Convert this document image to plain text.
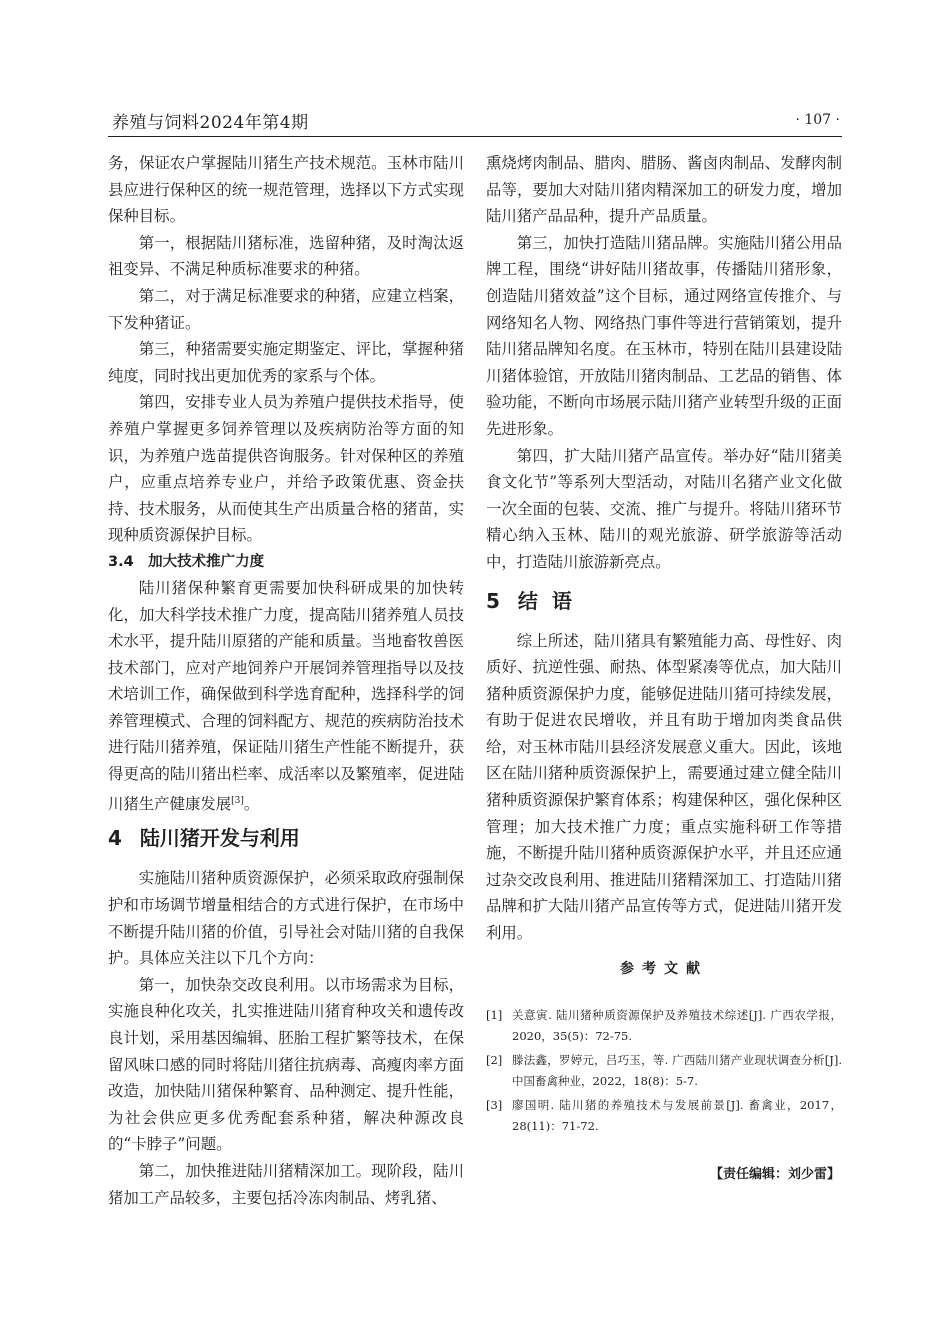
养殖与饲料2024年第4期	· 107 ·

务，保证农户掌握陆川猪生产技术规范。玉林市陆川县应进行保种区的统一规范管理，选择以下方式实现保种目标。

第一，根据陆川猪标准，选留种猪，及时淘汰返祖变异、不满足种质标准要求的种猪。

第二，对于满足标准要求的种猪，应建立档案，下发种猪证。

第三，种猪需要实施定期鉴定、评比，掌握种猪纯度，同时找出更加优秀的家系与个体。

第四，安排专业人员为养殖户提供技术指导，使养殖户掌握更多饲养管理以及疾病防治等方面的知识，为养殖户选苗提供咨询服务。针对保种区的养殖户，应重点培养专业户，并给予政策优惠、资金扶持、技术服务，从而使其生产出质量合格的猪苗，实现种质资源保护目标。

3.4　加大技术推广力度

陆川猪保种繁育更需要加快科研成果的加快转化，加大科学技术推广力度，提高陆川猪养殖人员技术水平，提升陆川原猪的产能和质量。当地畜牧兽医技术部门，应对产地饲养户开展饲养管理指导以及技术培训工作，确保做到科学选育配种，选择科学的饲养管理模式、合理的饲料配方、规范的疾病防治技术进行陆川猪养殖，保证陆川猪生产性能不断提升，获得更高的陆川猪出栏率、成活率以及繁殖率，促进陆川猪生产健康发展[3]。

4 陆川猪开发与利用

实施陆川猪种质资源保护，必须采取政府强制保护和市场调节增量相结合的方式进行保护，在市场中不断提升陆川猪的价值，引导社会对陆川猪的自我保护。具体应关注以下几个方向：

第一，加快杂交改良利用。以市场需求为目标，实施良种化攻关，扎实推进陆川猪育种攻关和遗传改良计划，采用基因编辑、胚胎工程扩繁等技术，在保留风味口感的同时将陆川猪往抗病毒、高瘦肉率方面改造，加快陆川猪保种繁育、品种测定、提升性能，为社会供应更多优秀配套系种猪，解决种源改良的“卡脖子”问题。

第二，加快推进陆川猪精深加工。现阶段，陆川猪加工产品较多，主要包括冷冻肉制品、烤乳猪、

熏烧烤肉制品、腊肉、腊肠、酱卤肉制品、发酵肉制品等，要加大对陆川猪肉精深加工的研发力度，增加陆川猪产品品种，提升产品质量。

第三，加快打造陆川猪品牌。实施陆川猪公用品牌工程，围绕“讲好陆川猪故事，传播陆川猪形象，创造陆川猪效益”这个目标，通过网络宣传推介、与网络知名人物、网络热门事件等进行营销策划，提升陆川猪品牌知名度。在玉林市，特别在陆川县建设陆川猪体验馆，开放陆川猪肉制品、工艺品的销售、体验功能，不断向市场展示陆川猪产业转型升级的正面先进形象。

第四，扩大陆川猪产品宣传。举办好“陆川猪美食文化节”等系列大型活动，对陆川名猪产业文化做一次全面的包装、交流、推广与提升。将陆川猪环节精心纳入玉林、陆川的观光旅游、研学旅游等活动中，打造陆川旅游新亮点。

5 结语

综上所述，陆川猪具有繁殖能力高、母性好、肉质好、抗逆性强、耐热、体型紧凑等优点，加大陆川猪种质资源保护力度，能够促进陆川猪可持续发展，有助于促进农民增收，并且有助于增加肉类食品供给，对玉林市陆川县经济发展意义重大。因此，该地区在陆川猪种质资源保护上，需要通过建立健全陆川猪种质资源保护繁育体系；构建保种区，强化保种区管理；加大技术推广力度；重点实施科研工作等措施，不断提升陆川猪种质资源保护水平，并且还应通过杂交改良利用、推进陆川猪精深加工、打造陆川猪品牌和扩大陆川猪产品宣传等方式，促进陆川猪开发利用。

参考文献
[1] 关意寅. 陆川猪种质资源保护及养殖技术综述[J]. 广西农学报，2020，35(5)：72-75.
[2] 滕法鑫，罗婷元，吕巧玉，等. 广西陆川猪产业现状调查分析[J]. 中国畜禽种业，2022，18(8)：5-7.
[3] 廖国明. 陆川猪的养殖技术与发展前景[J]. 畜禽业，2017，28(11)：71-72.
【责任编辑：刘少雷】
